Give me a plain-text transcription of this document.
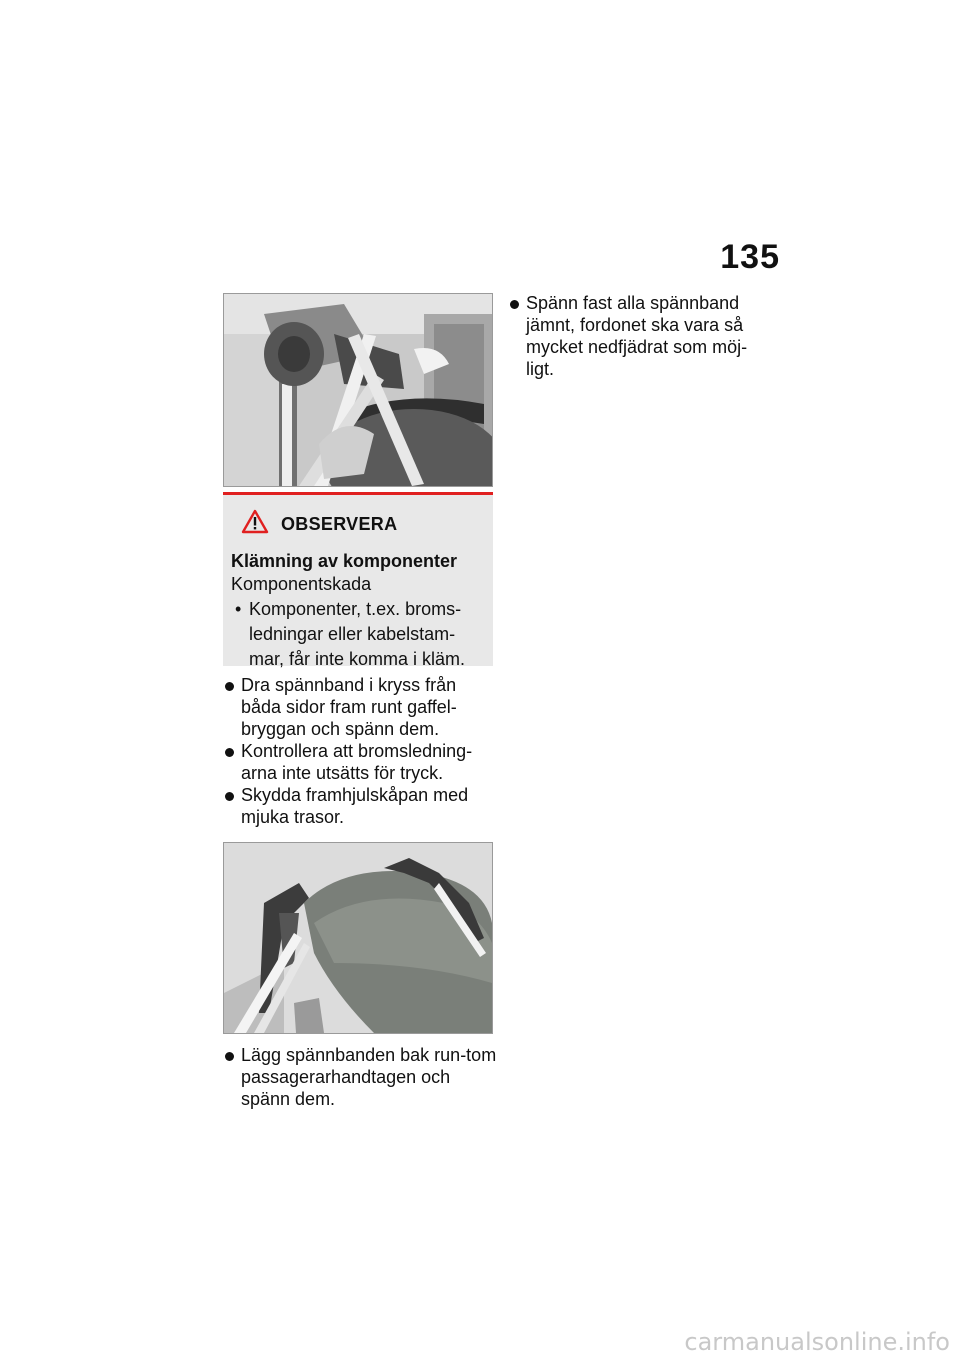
135
OBSERVERA
Klämning av komponenter
Komponentskada
• Komponenter, t.ex. broms-ledningar eller kabelstam-mar, får inte komma i kläm.
Dra spännband i kryss från båda sidor fram runt gaffel-bryggan och spänn dem.
Kontrollera att bromsledning-arna inte utsätts för tryck.
Skydda framhjulskåpan med mjuka trasor.
Lägg spännbanden bak run-tom passagerarhandtagen och spänn dem.
Spänn fast alla spännband jämnt, fordonet ska vara så mycket nedfjädrat som möj-ligt.
carmanualsonline.info
